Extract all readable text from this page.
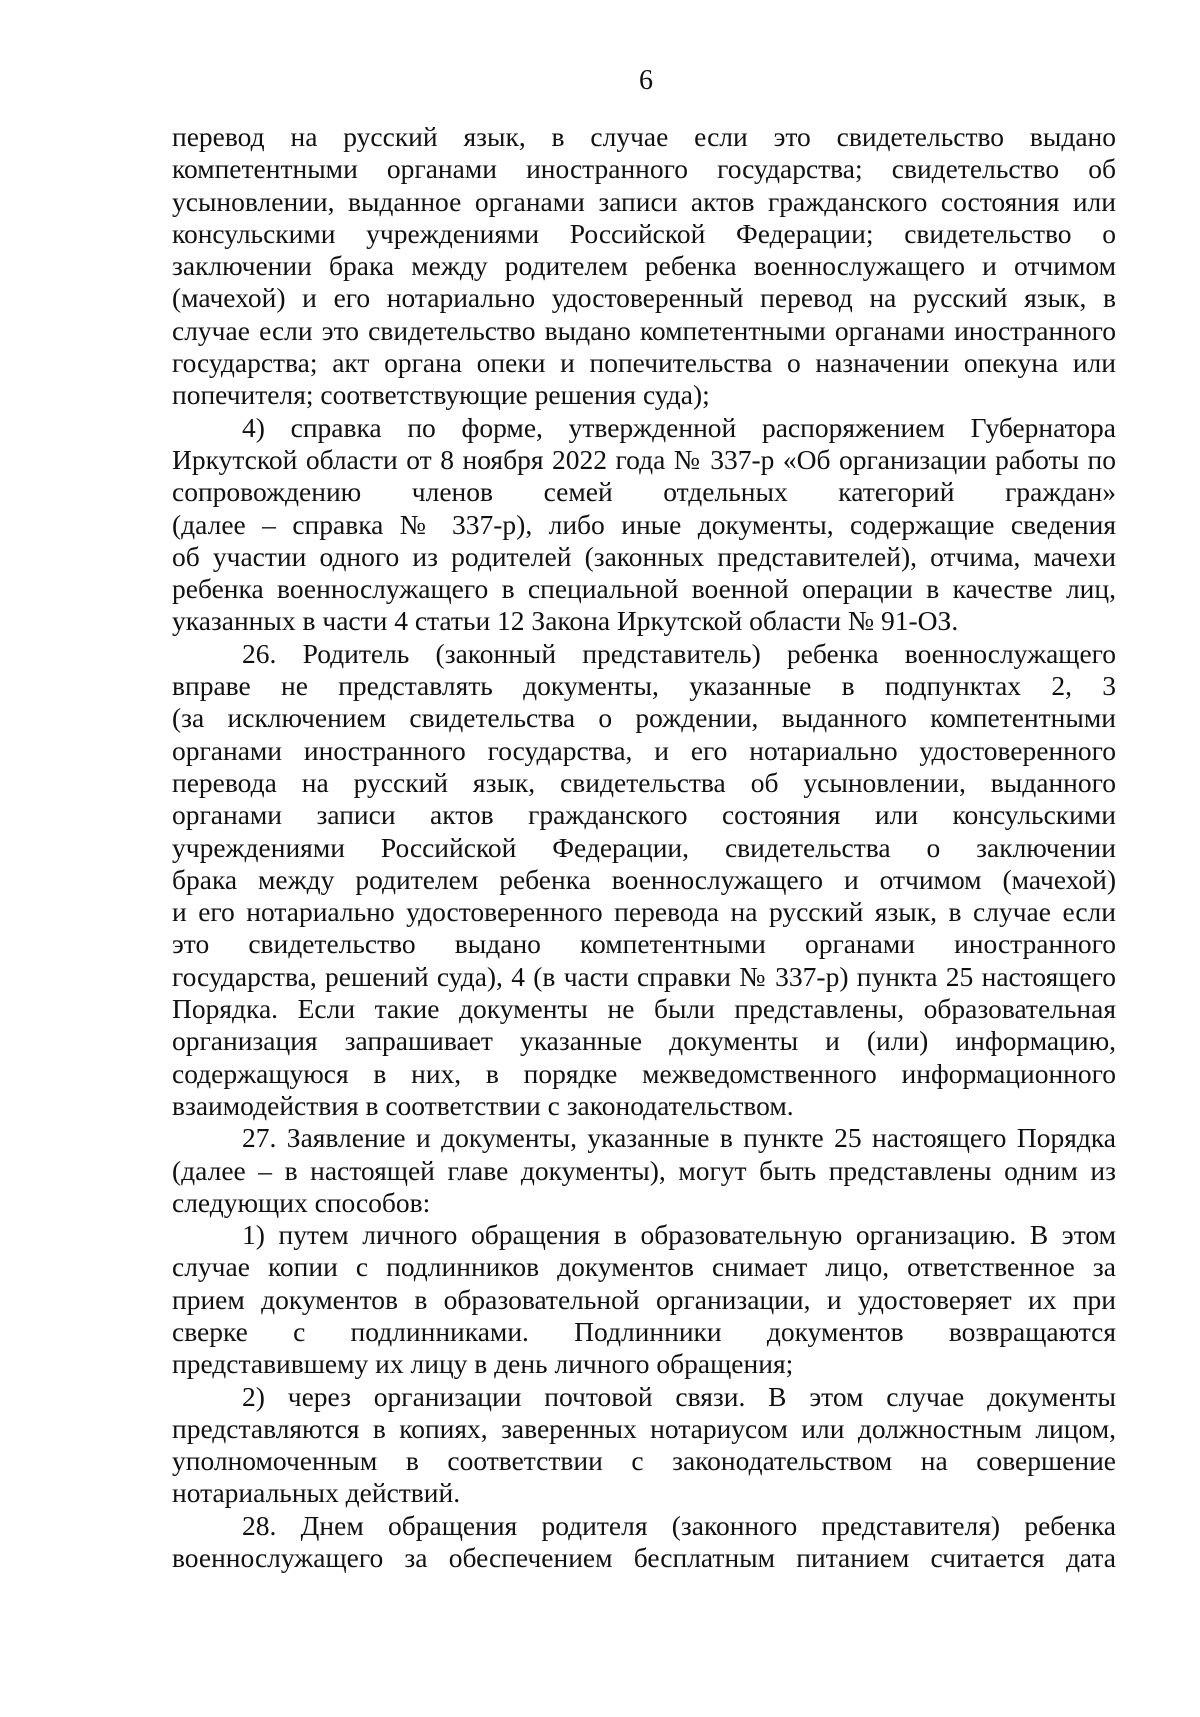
6
перевод на русский язык, в случае если это свидетельство выдано
компетентными органами иностранного государства; свидетельство об
усыновлении, выданное органами записи актов гражданского состояния или
консульскими учреждениями Российской Федерации; свидетельство о
заключении брака между родителем ребенка военнослужащего и отчимом
(мачехой) и его нотариально удостоверенный перевод на русский язык, в
случае если это свидетельство выдано компетентными органами иностранного
государства; акт органа опеки и попечительства о назначении опекуна или
попечителя; соответствующие решения суда);
4) справка по форме, утвержденной распоряжением Губернатора
Иркутской области от 8 ноября 2022 года № 337-р «Об организации работы по
сопровождению членов семей отдельных категорий граждан»
(далее – справка № 337-р), либо иные документы, содержащие сведения
об участии одного из родителей (законных представителей), отчима, мачехи
ребенка военнослужащего в специальной военной операции в качестве лиц,
указанных в части 4 статьи 12 Закона Иркутской области № 91-ОЗ.
26. Родитель (законный представитель) ребенка военнослужащего
вправе не представлять документы, указанные в подпунктах 2, 3
(за исключением свидетельства о рождении, выданного компетентными
органами иностранного государства, и его нотариально удостоверенного
перевода на русский язык, свидетельства об усыновлении, выданного
органами записи актов гражданского состояния или консульскими
учреждениями Российской Федерации, свидетельства о заключении
брака между родителем ребенка военнослужащего и отчимом (мачехой)
и его нотариально удостоверенного перевода на русский язык, в случае если
это свидетельство выдано компетентными органами иностранного
государства, решений суда), 4 (в части справки № 337-р) пункта 25 настоящего
Порядка. Если такие документы не были представлены, образовательная
организация запрашивает указанные документы и (или) информацию,
содержащуюся в них, в порядке межведомственного информационного
взаимодействия в соответствии с законодательством.
27. Заявление и документы, указанные в пункте 25 настоящего Порядка
(далее – в настоящей главе документы), могут быть представлены одним из
следующих способов:
1) путем личного обращения в образовательную организацию. В этом
случае копии с подлинников документов снимает лицо, ответственное за
прием документов в образовательной организации, и удостоверяет их при
сверке с подлинниками. Подлинники документов возвращаются
представившему их лицу в день личного обращения;
2) через организации почтовой связи. В этом случае документы
представляются в копиях, заверенных нотариусом или должностным лицом,
уполномоченным в соответствии с законодательством на совершение
нотариальных действий.
28. Днем обращения родителя (законного представителя) ребенка
военнослужащего за обеспечением бесплатным питанием считается дата
